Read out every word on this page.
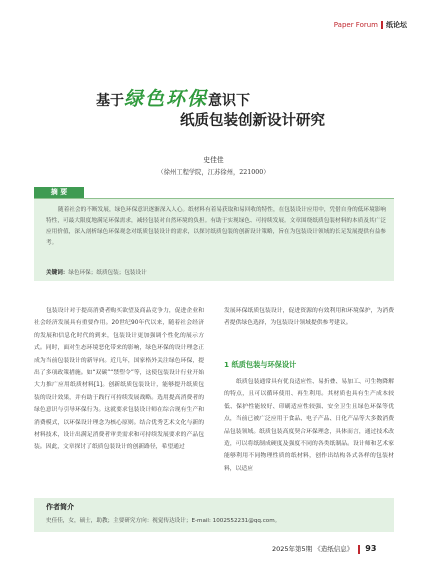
Paper Forum 纸论坛
基于绿色环保意识下
纸质包装创新设计研究
史佳佳
（徐州工程学院，江苏徐州，221000）
摘 要
随着社会的不断发展，绿色环保意识逐渐深入人心。纸材料有着易获取和易回收的特性，在包装设计应用中，凭借自身的低环境影响特性，可最大限度地满足环保需求，减轻包装对自然环境的负担。有助于实现绿色、可持续发展。文章围绕纸质包装材料的本质及其广泛应用价值，深入剖析绿色环保观念对纸质包装设计的需求，以探讨纸质包装的创新设计策略，旨在为包装设计领域的长足发展提供有益参考。
关键词：绿色环保；纸质包装；包装设计
包装设计对于提高消费者购买欲望及商品竞争力，促进企业和社会经济发展具有重要作用。20世纪90年代以来，随着社会经济的发展和信息化时代的到来，包装设计更加强调个性化的展示方式。同时，面对生态环境恶化带来的影响，绿色环保的设计理念正成为当前包装设计的新导向。近几年，国家格外关注绿色环保，提出了多项政策措施。如“双碳”“禁塑令”等，这使包装设计行业开始大力推广应用纸质材料[1]。创新纸质包装设计，能够提升纸质包装的设计效果，并有助于践行可持续发展战略。选用提高消费者的绿色意识与引导环保行为。这就要求包装设计师在综合现有生产和消费模式，以环保设计理念为核心原则。结合优秀艺术文化与新的材料技术，设计出满足消费者审美需求和可持续发展要求的产品包装。因此，文章探讨了纸质包装设计的创新路径，希望通过
发展环保纸质包装设计，促进资源的有效利用和环境保护，为消费者提供绿色选择，为包装设计领域提供参考建议。
1 纸质包装与环保设计
纸质包装通常具有优良适应性、易折叠、易加工、可生物降解的特点，且可以循环使用、再生利用。其材质也具有生产成本较低、保护性能较好、印刷适应性较强、安全卫生且绿色环保等优点，当前已被广泛应用于食品、电子产品、日化产品等大多数消费品包装领域。纸质包装高度契合环保理念，具体而言，通过技术改造，可以将纸制成硬度及强度不同的各类纸制品。设计师和艺术家能够利用不同物理性质的纸材料，创作出结构各式各样的包装材料，以适应
作者简介
史佳佳，女，硕士，助教；主要研究方向：视觉传达设计；E-mail: 1002552231@qq.com。
2025年第5期 《造纸信息》 93
